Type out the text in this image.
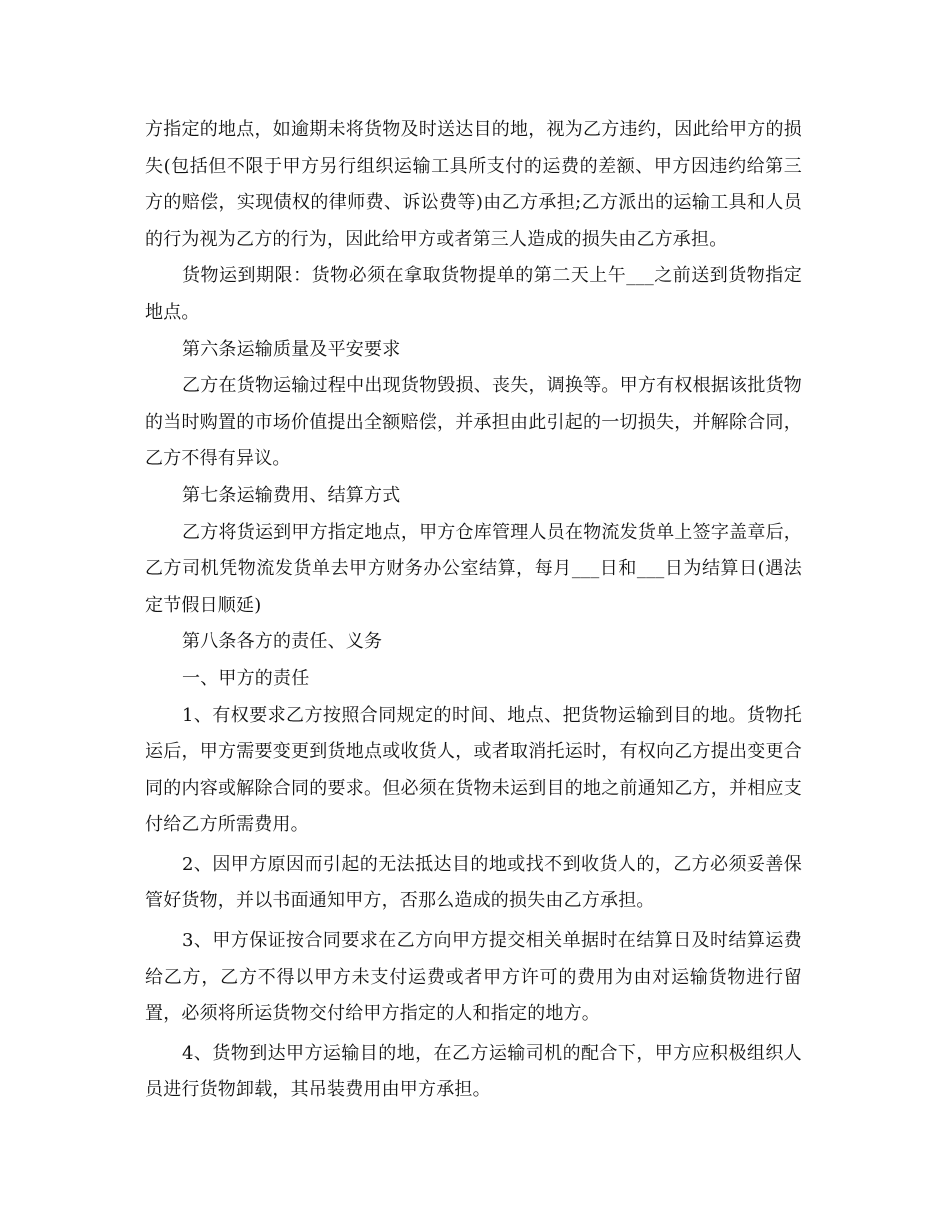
方指定的地点，如逾期未将货物及时送达目的地，视为乙方违约，因此给甲方的损失(包括但不限于甲方另行组织运输工具所支付的运费的差额、甲方因违约给第三方的赔偿，实现债权的律师费、诉讼费等)由乙方承担;乙方派出的运输工具和人员的行为视为乙方的行为，因此给甲方或者第三人造成的损失由乙方承担。

货物运到期限：货物必须在拿取货物提单的第二天上午___之前送到货物指定地点。

第六条运输质量及平安要求

乙方在货物运输过程中出现货物毁损、丧失，调换等。甲方有权根据该批货物的当时购置的市场价值提出全额赔偿，并承担由此引起的一切损失，并解除合同，乙方不得有异议。

第七条运输费用、结算方式

乙方将货运到甲方指定地点，甲方仓库管理人员在物流发货单上签字盖章后，乙方司机凭物流发货单去甲方财务办公室结算，每月___日和___日为结算日(遇法定节假日顺延)

第八条各方的责任、义务

一、甲方的责任

1、有权要求乙方按照合同规定的时间、地点、把货物运输到目的地。货物托运后，甲方需要变更到货地点或收货人，或者取消托运时，有权向乙方提出变更合同的内容或解除合同的要求。但必须在货物未运到目的地之前通知乙方，并相应支付给乙方所需费用。

2、因甲方原因而引起的无法抵达目的地或找不到收货人的，乙方必须妥善保管好货物，并以书面通知甲方，否那么造成的损失由乙方承担。

3、甲方保证按合同要求在乙方向甲方提交相关单据时在结算日及时结算运费给乙方，乙方不得以甲方未支付运费或者甲方许可的费用为由对运输货物进行留置，必须将所运货物交付给甲方指定的人和指定的地方。

4、货物到达甲方运输目的地，在乙方运输司机的配合下，甲方应积极组织人员进行货物卸载，其吊装费用由甲方承担。
